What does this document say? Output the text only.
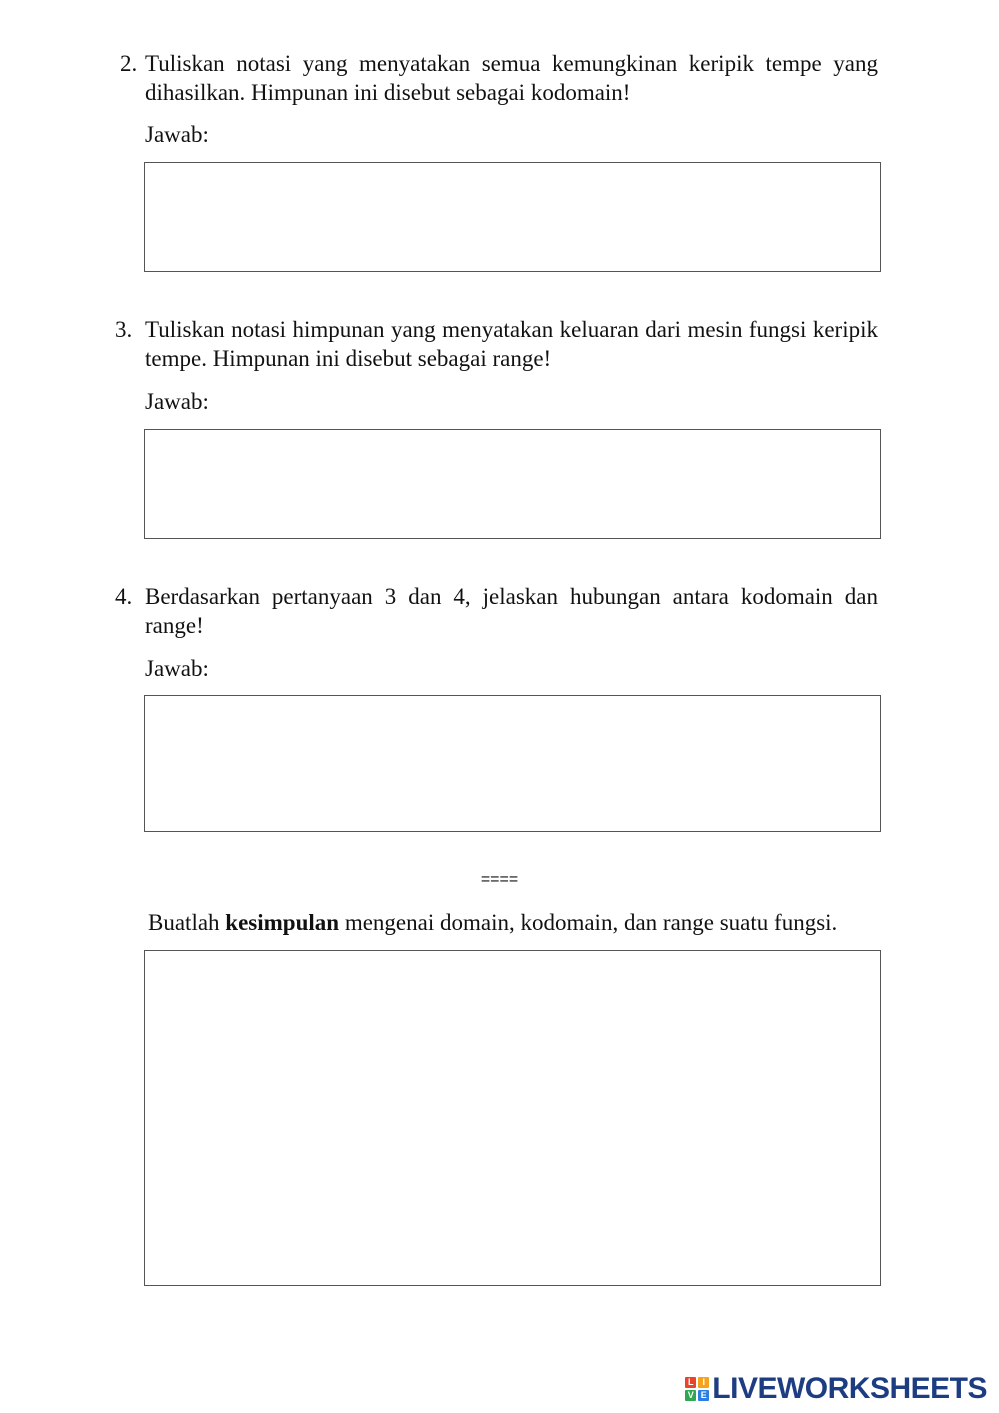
2. Tuliskan notasi yang menyatakan semua kemungkinan keripik tempe yang dihasilkan. Himpunan ini disebut sebagai kodomain!
Jawab:
3. Tuliskan notasi himpunan yang menyatakan keluaran dari mesin fungsi keripik tempe. Himpunan ini disebut sebagai range!
Jawab:
4. Berdasarkan pertanyaan 3 dan 4, jelaskan hubungan antara kodomain dan range!
Jawab:
====
Buatlah kesimpulan mengenai domain, kodomain, dan range suatu fungsi.
L I
V E LIVEWORKSHEETS
